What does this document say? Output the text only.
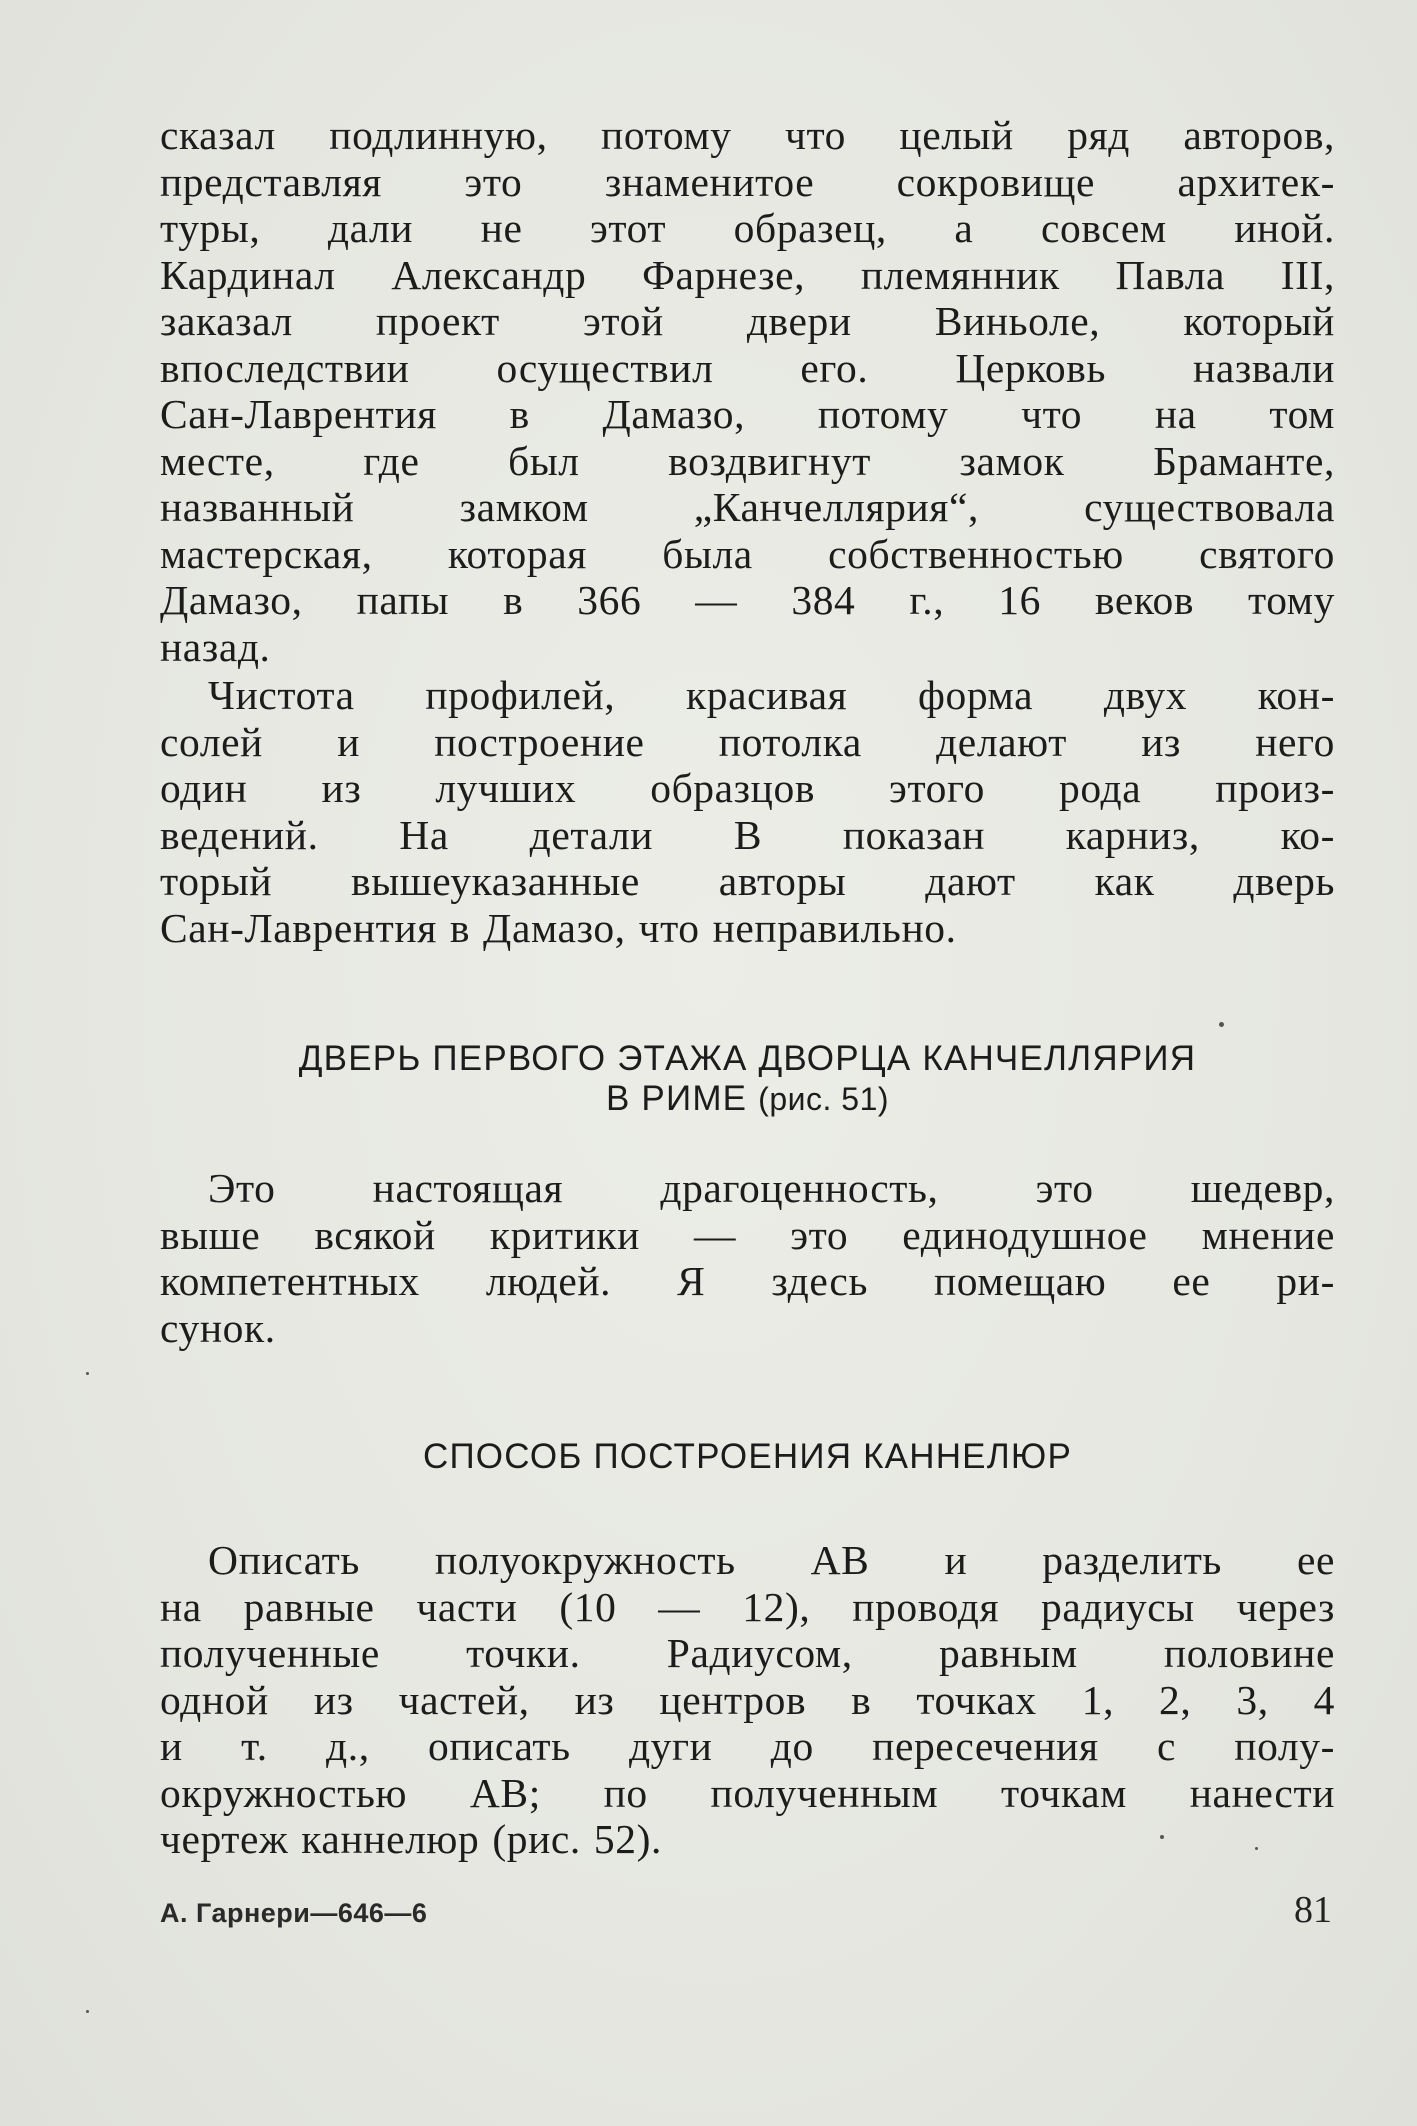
сказал подлинную, потому что целый ряд авторов,
представляя это знаменитое сокровище архитек-
туры, дали не этот образец, а совсем иной.
Кардинал Александр Фарнезе, племянник Павла III,
заказал проект этой двери Виньоле, который
впоследствии осуществил его. Церковь назвали
Сан-Лаврентия в Дамазо, потому что на том
месте, где был воздвигнут замок Браманте,
названный замком „Канчеллярия“, существовала
мастерская, которая была собственностью святого
Дамазо, папы в 366 — 384 г., 16 веков тому
назад.

Чистота профилей, красивая форма двух кон-
солей и построение потолка делают из него
один из лучших образцов этого рода произ-
ведений. На детали В показан карниз, ко-
торый вышеуказанные авторы дают как дверь
Сан-Лаврентия в Дамазо, что неправильно.

ДВЕРЬ ПЕРВОГО ЭТАЖА ДВОРЦА КАНЧЕЛЛЯРИЯ
В РИМЕ (рис. 51)

Это настоящая драгоценность, это шедевр,
выше всякой критики — это единодушное мнение
компетентных людей. Я здесь помещаю ее ри-
сунок.

СПОСОБ ПОСТРОЕНИЯ КАННЕЛЮР

Описать полуокружность AB и разделить ее
на равные части (10 — 12), проводя радиусы через
полученные точки. Радиусом, равным половине
одной из частей, из центров в точках 1, 2, 3, 4
и т. д., описать дуги до пересечения с полу-
окружностью AB; по полученным точкам нанести
чертеж каннелюр (рис. 52).

А. Гарнери—646—6	81
